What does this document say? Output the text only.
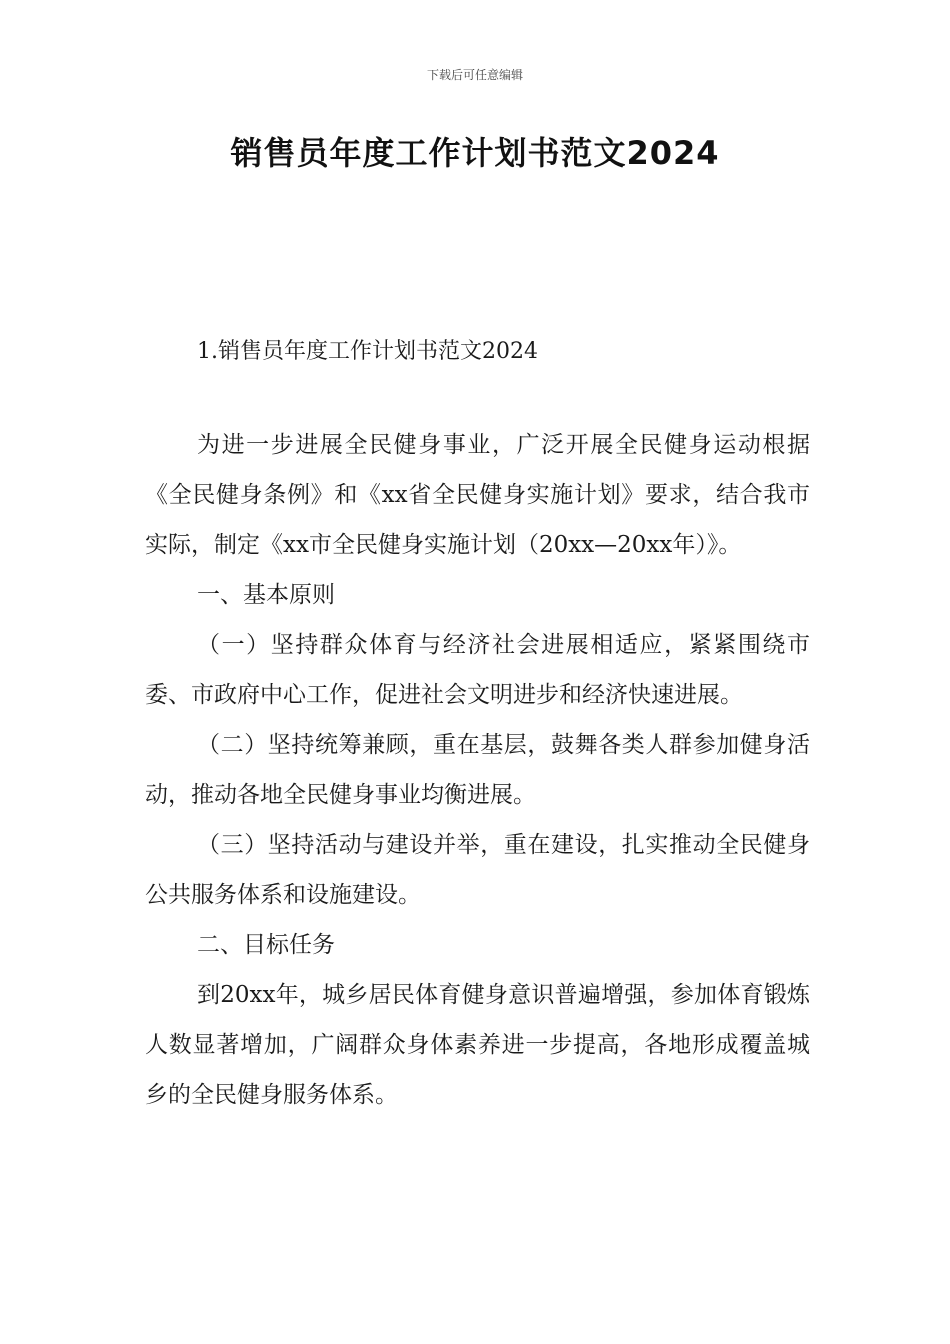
下载后可任意编辑
销售员年度工作计划书范文2024
1.销售员年度工作计划书范文2024

为进一步进展全民健身事业，广泛开展全民健身运动根据《全民健身条例》和《xx省全民健身实施计划》要求，结合我市实际，制定《xx市全民健身实施计划（20xx—20xx年）》。

一、基本原则

（一）坚持群众体育与经济社会进展相适应，紧紧围绕市委、市政府中心工作，促进社会文明进步和经济快速进展。

（二）坚持统筹兼顾，重在基层，鼓舞各类人群参加健身活动，推动各地全民健身事业均衡进展。

（三）坚持活动与建设并举，重在建设，扎实推动全民健身公共服务体系和设施建设。

二、目标任务

到20xx年，城乡居民体育健身意识普遍增强，参加体育锻炼人数显著增加，广阔群众身体素养进一步提高，各地形成覆盖城乡的全民健身服务体系。
